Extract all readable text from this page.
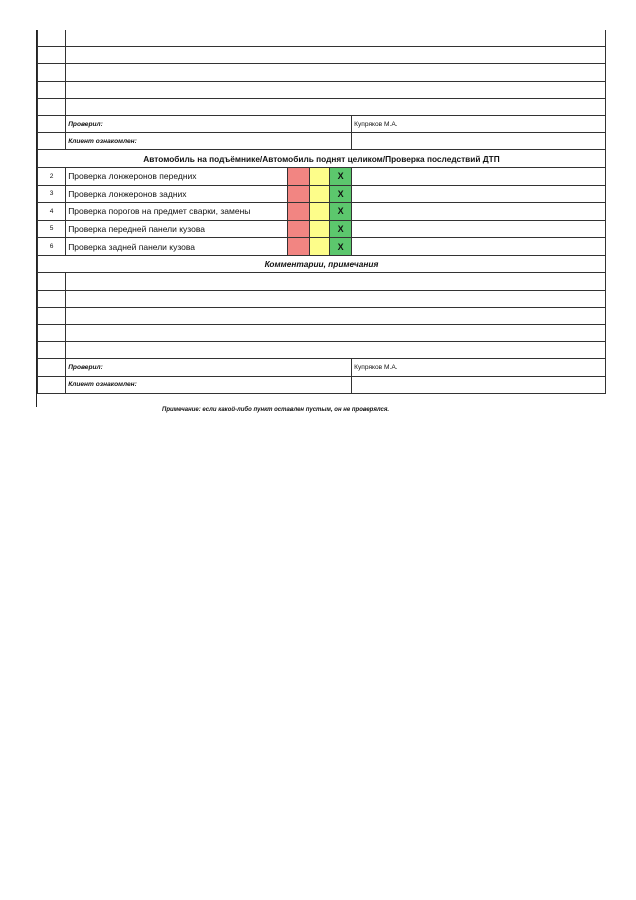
	Проверил:				Купряков М.А.
	Клиент ознакомлен:				
Автомобиль на подъёмнике/Автомобиль поднят целиком/Проверка последствий ДТП					
2	Проверка лонжеронов передних			X	
3	Проверка лонжеронов задних			X	
4	Проверка порогов на предмет сварки, замены			X	
5	Проверка передней панели кузова			X	
6	Проверка задней панели кузова			X	
Комментарии, примечания					

	Проверил:				Купряков М.А.
	Клиент ознакомлен:				
Примечание: если какой-либо пункт оставлен пустым, он не проверялся.
